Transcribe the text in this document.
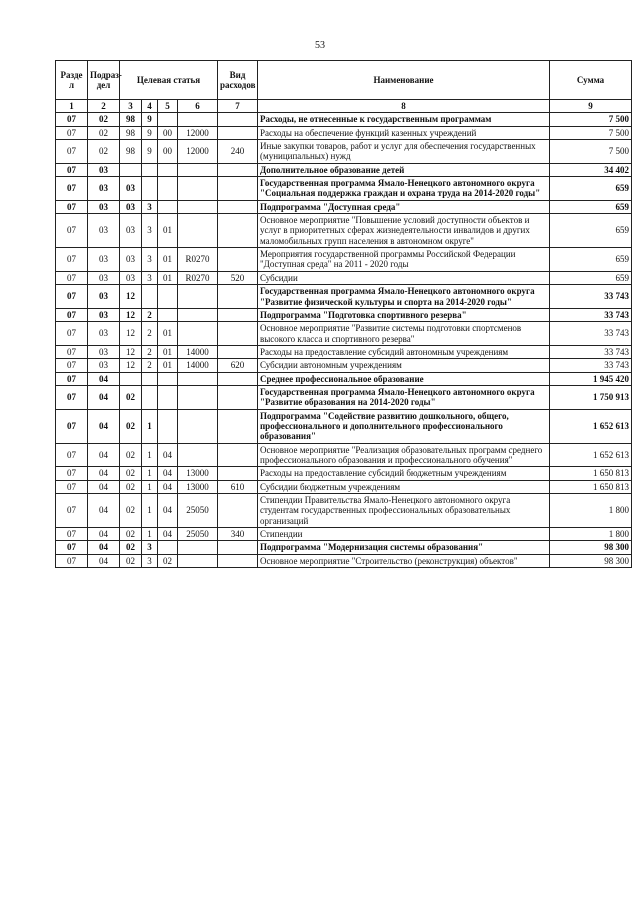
53
Разде л	Подраз- дел	Целевая статья				Вид расходов	Наименование	Сумма
1	2	3	4	5	6	7	8	9
07	02	98	9				Расходы, не отнесенные к государственным программам	7 500
07	02	98	9	00	12000		Расходы на обеспечение функций казенных учреждений	7 500
07	02	98	9	00	12000	240	Иные закупки товаров, работ и услуг для обеспечения государственных (муниципальных) нужд	7 500
07	03						Дополнительное образование детей	34 402
07	03	03					Государственная программа Ямало-Ненецкого автономного округа "Социальная поддержка граждан и охрана труда на 2014-2020 годы"	659
07	03	03	3				Подпрограмма "Доступная среда"	659
07	03	03	3	01			Основное мероприятие "Повышение условий доступности объектов и услуг в приоритетных сферах жизнедеятельности инвалидов и других маломобильных групп населения в автономном округе"	659
07	03	03	3	01	R0270		Мероприятия государственной программы Российской Федерации "Доступная среда" на 2011 - 2020 годы	659
07	03	03	3	01	R0270	520	Субсидии	659
07	03	12					Государственная программа Ямало-Ненецкого автономного округа "Развитие физической культуры и спорта на 2014-2020 годы"	33 743
07	03	12	2				Подпрограмма "Подготовка спортивного резерва"	33 743
07	03	12	2	01			Основное мероприятие "Развитие системы подготовки спортсменов высокого класса и спортивного резерва"	33 743
07	03	12	2	01	14000		Расходы на предоставление субсидий автономным учреждениям	33 743
07	03	12	2	01	14000	620	Субсидии автономным учреждениям	33 743
07	04						Среднее профессиональное образование	1 945 420
07	04	02					Государственная программа Ямало-Ненецкого автономного округа "Развитие образования на 2014-2020 годы"	1 750 913
07	04	02	1				Подпрограмма "Содействие развитию дошкольного, общего, профессионального и дополнительного профессионального образования"	1 652 613
07	04	02	1	04			Основное мероприятие "Реализация образовательных программ среднего профессионального образования и профессионального обучения"	1 652 613
07	04	02	1	04	13000		Расходы на предоставление субсидий бюджетным учреждениям	1 650 813
07	04	02	1	04	13000	610	Субсидии бюджетным учреждениям	1 650 813
07	04	02	1	04	25050		Стипендии Правительства Ямало-Ненецкого автономного округа студентам государственных профессиональных образовательных организаций	1 800
07	04	02	1	04	25050	340	Стипендии	1 800
07	04	02	3				Подпрограмма "Модернизация системы образования"	98 300
07	04	02	3	02			Основное мероприятие "Строительство (реконструкция) объектов"	98 300
